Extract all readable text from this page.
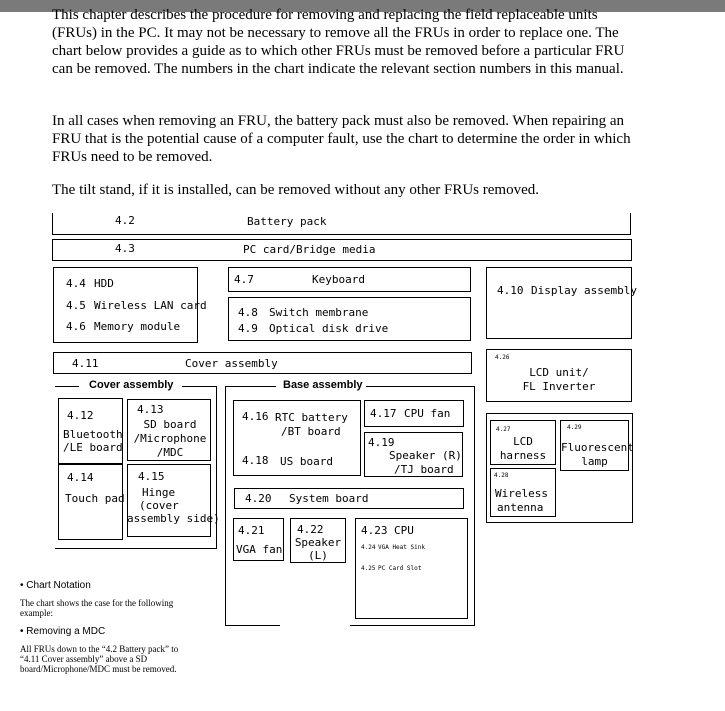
This chapter describes the procedure for removing and replacing the field replaceable units (FRUs) in the PC. It may not be necessary to remove all the FRUs in order to replace one. The chart below provides a guide as to which other FRUs must be removed before a particular FRU can be removed. The numbers in the chart indicate the relevant section numbers in this manual.

In all cases when removing an FRU, the battery pack must also be removed. When repairing an FRU that is the potential cause of a computer fault, use the chart to determine the order in which FRUs need to be removed.

The tilt stand, if it is installed, can be removed without any other FRUs removed.

4.2	Battery pack
4.3	PC card/Bridge media
4.4 HDD
4.5 Wireless LAN card
4.6 Memory module
4.7	Keyboard
4.8 Switch membrane
4.9 Optical disk drive
4.10 Display assembly
4.11	Cover assembly	4.26
LCD unit/
FL Inverter
Cover assembly
4.12
Bluetooth
/LE board
4.13
SD board
/Microphone
/MDC
4.14
Touch pad
4.15
Hinge
(cover
assembly side)
Base assembly
4.16 RTC battery
/BT board
4.18 US board
4.17 CPU fan
4.19
Speaker (R)
/TJ board
4.20 System board
4.21
VGA fan
4.22
Speaker
(L)
4.23 CPU
4.24 VGA Heat Sink
4.25 PC Card Slot
4.27
LCD
harness
4.28
Wireless
antenna
4.29
Fluorescent
lamp

• Chart Notation

The chart shows the case for the following example:

• Removing a MDC

All FRUs down to the “4.2 Battery pack” to “4.11 Cover assembly” above a SD board/Microphone/MDC must be removed.
